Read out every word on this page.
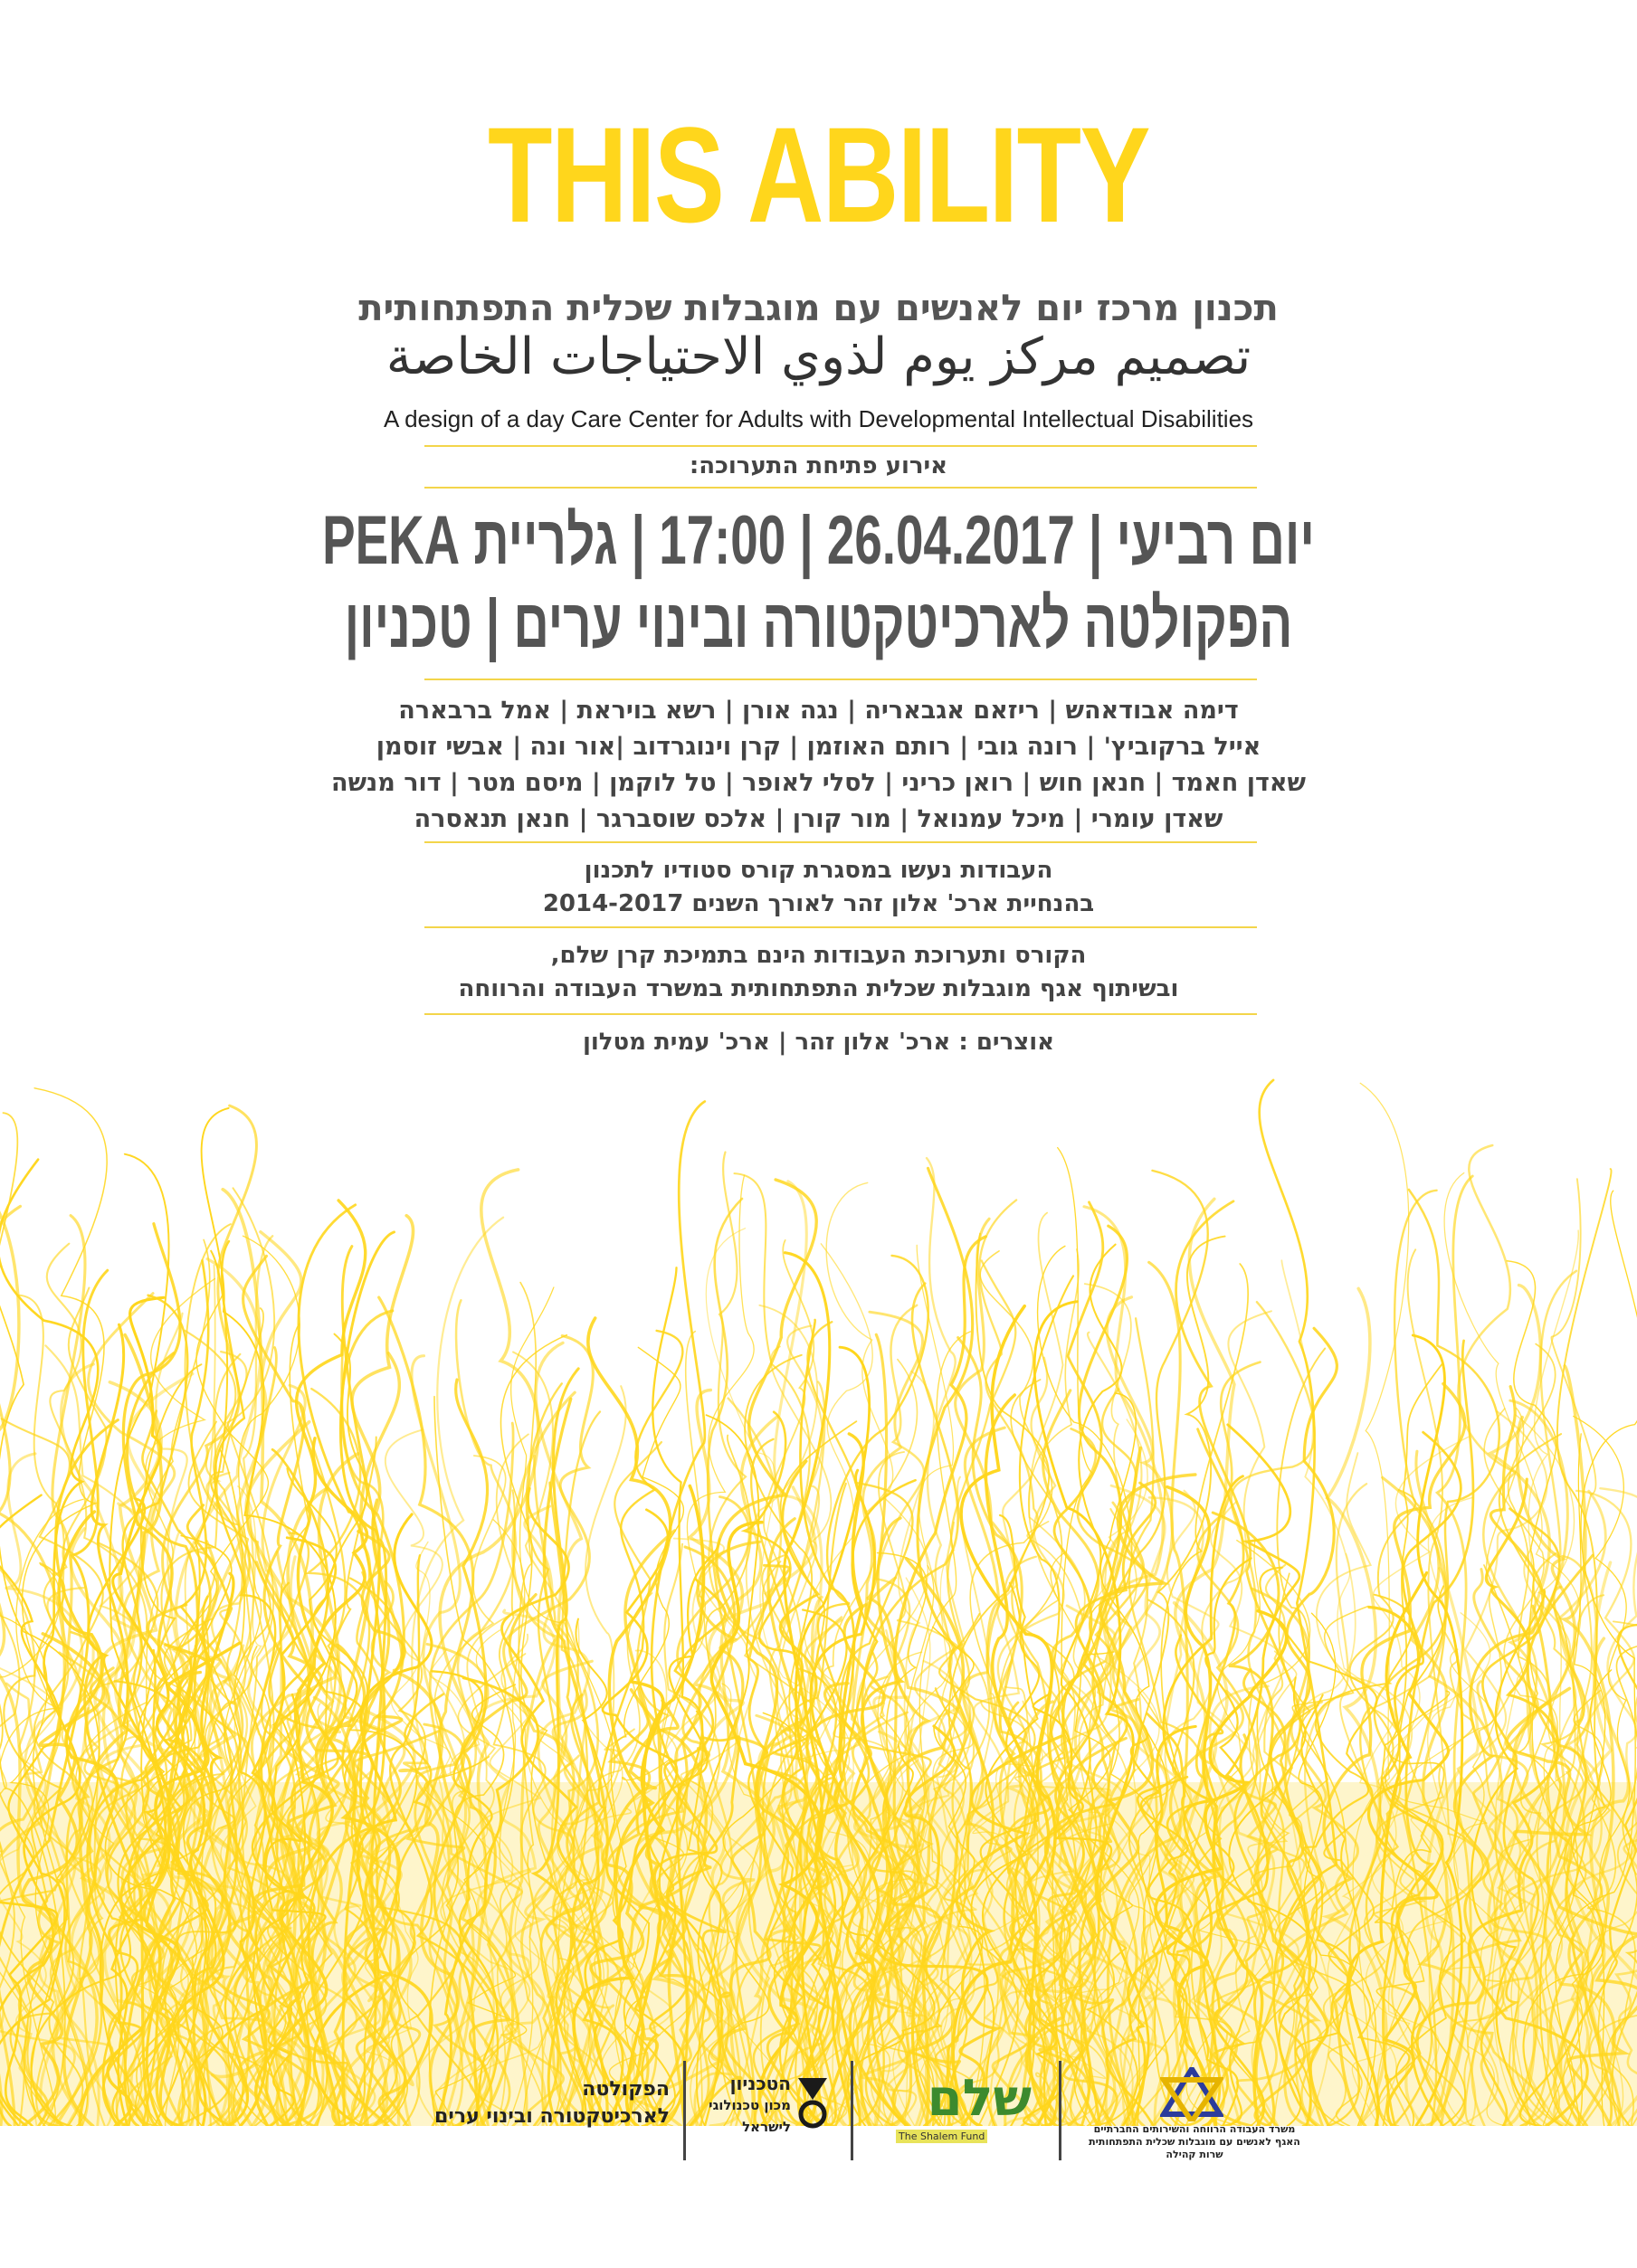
THIS ABILITY
תכנון מרכז יום לאנשים עם מוגבלות שכלית התפתחותית
تصميم مركز يوم لذوي الاحتياجات الخاصة
A design of a day Care Center for Adults with Developmental Intellectual Disabilities
אירוע פתיחת התערוכה:
יום רביעי | 26.04.2017 | 17:00 | גלריית PEKA
הפקולטה לארכיטקטורה ובינוי ערים | טכניון
דימה אבודאהש | ריזאם אגבאריה | נגה אורן | רשא בויראת | אמל ברבארה
אייל ברקוביץ' | רונה גובי | רותם האוזמן | קרן וינוגרדוב |אור ונה | אבשי זוסמן
שאדן חאמד | חנאן חוש | רואן כריני | לסלי לאופר | טל לוקמן | מיסם מטר | דור מנשה
שאדן עומרי | מיכל עמנואל | מור קורן | אלכס שוסברגר | חנאן תנאסרה
העבודות נעשו במסגרת קורס סטודיו לתכנון
בהנחיית ארכ' אלון זהר לאורך השנים 2014-2017
הקורס ותערוכת העבודות הינם בתמיכת קרן שלם,
ובשיתוף אגף מוגבלות שכלית התפתחותית במשרד העבודה והרווחה
אוצרים : ארכ' אלון זהר | ארכ' עמית מטלון
הפקולטה
לארכיטקטורה ובינוי ערים
הטכניון
מכון טכנולוגי
לישראל	שלם
The Shalem Fund
משרד העבודה הרווחה והשירותים החברתיים
האגף לאנשים עם מוגבלות שכלית התפתחותית
שרות קהילה
